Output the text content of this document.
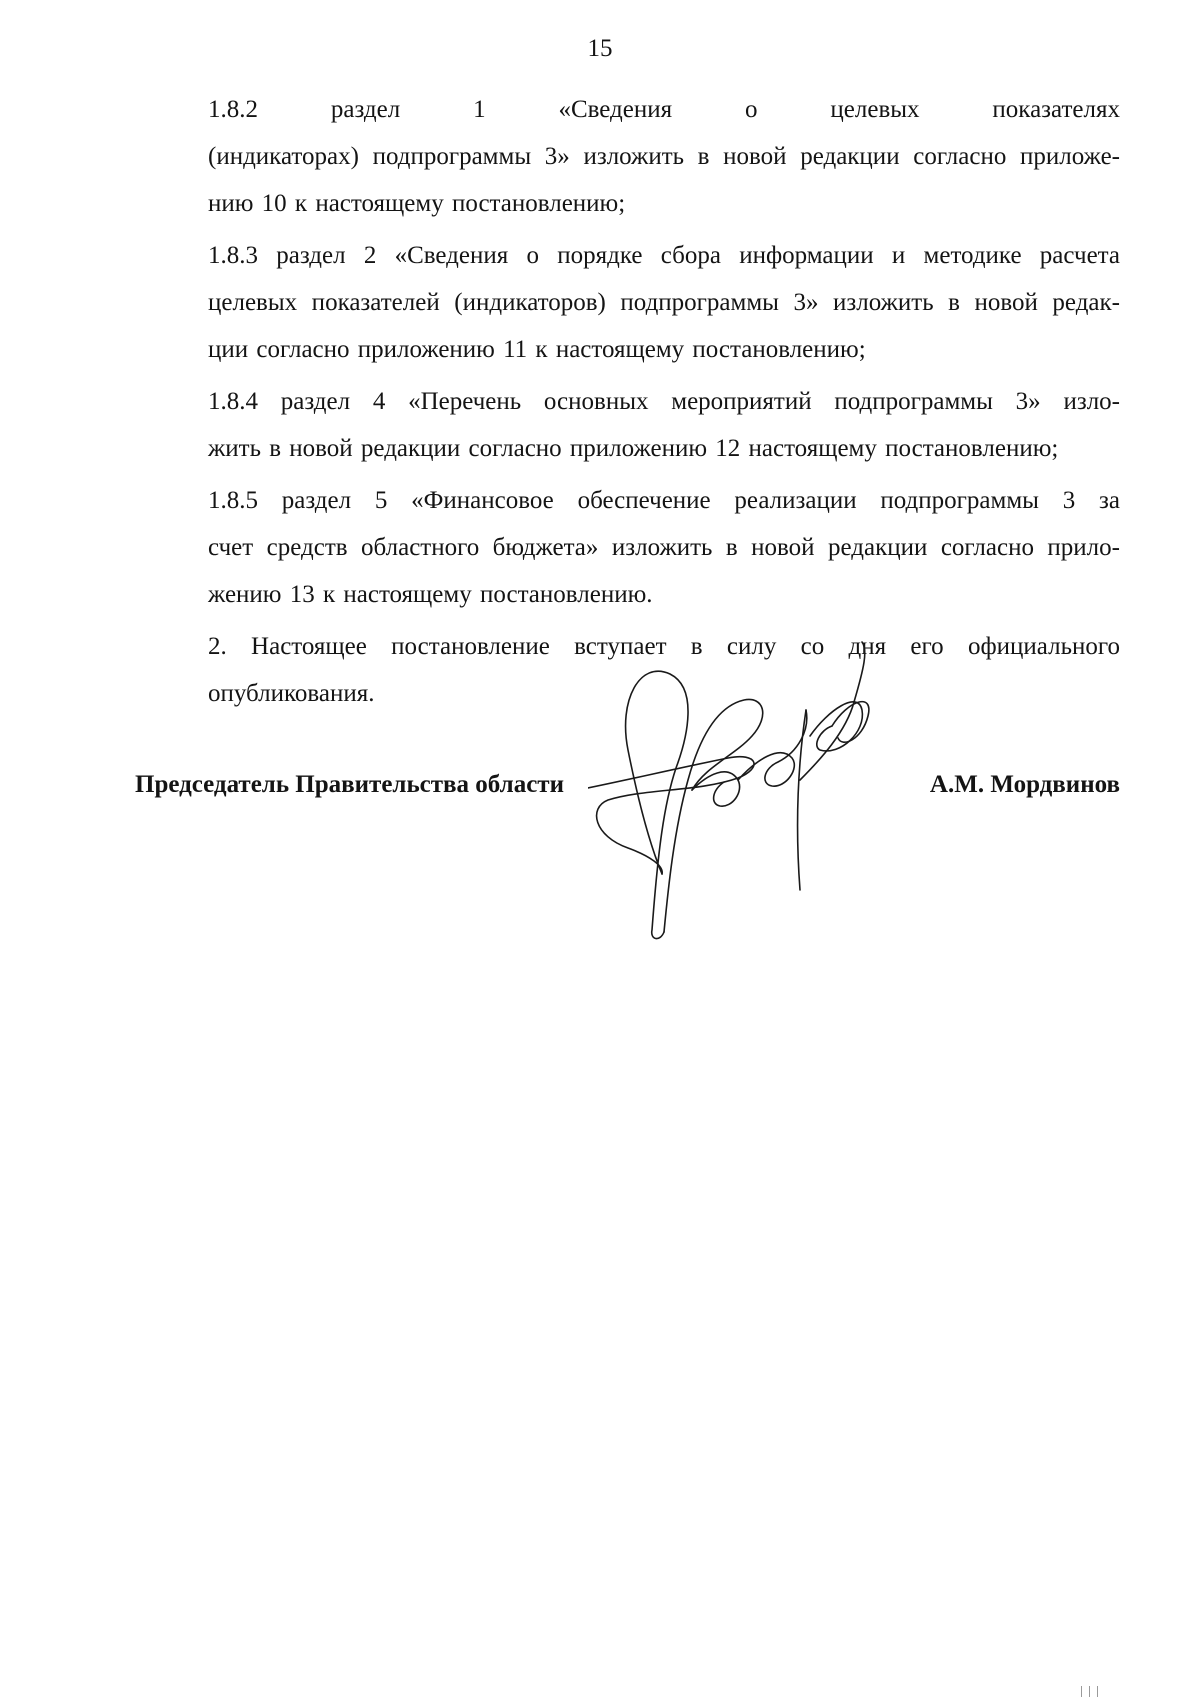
15

1.8.2 раздел 1 «Сведения о целевых показателях
(индикаторах) подпрограммы 3» изложить в новой редакции согласно приложе-
нию 10 к настоящему постановлению;

1.8.3 раздел 2 «Сведения о порядке сбора информации и методике расчета
целевых показателей (индикаторов) подпрограммы 3» изложить в новой редак-
ции согласно приложению 11 к настоящему постановлению;

1.8.4 раздел 4 «Перечень основных мероприятий подпрограммы 3» изло-
жить в новой редакции согласно приложению 12 настоящему постановлению;

1.8.5 раздел 5 «Финансовое обеспечение реализации подпрограммы 3 за
счет средств областного бюджета» изложить в новой редакции согласно прило-
жению 13 к настоящему постановлению.

2. Настоящее постановление вступает в силу со дня его официального
опубликования.

Председатель Правительства области	А.М. Мордвинов
